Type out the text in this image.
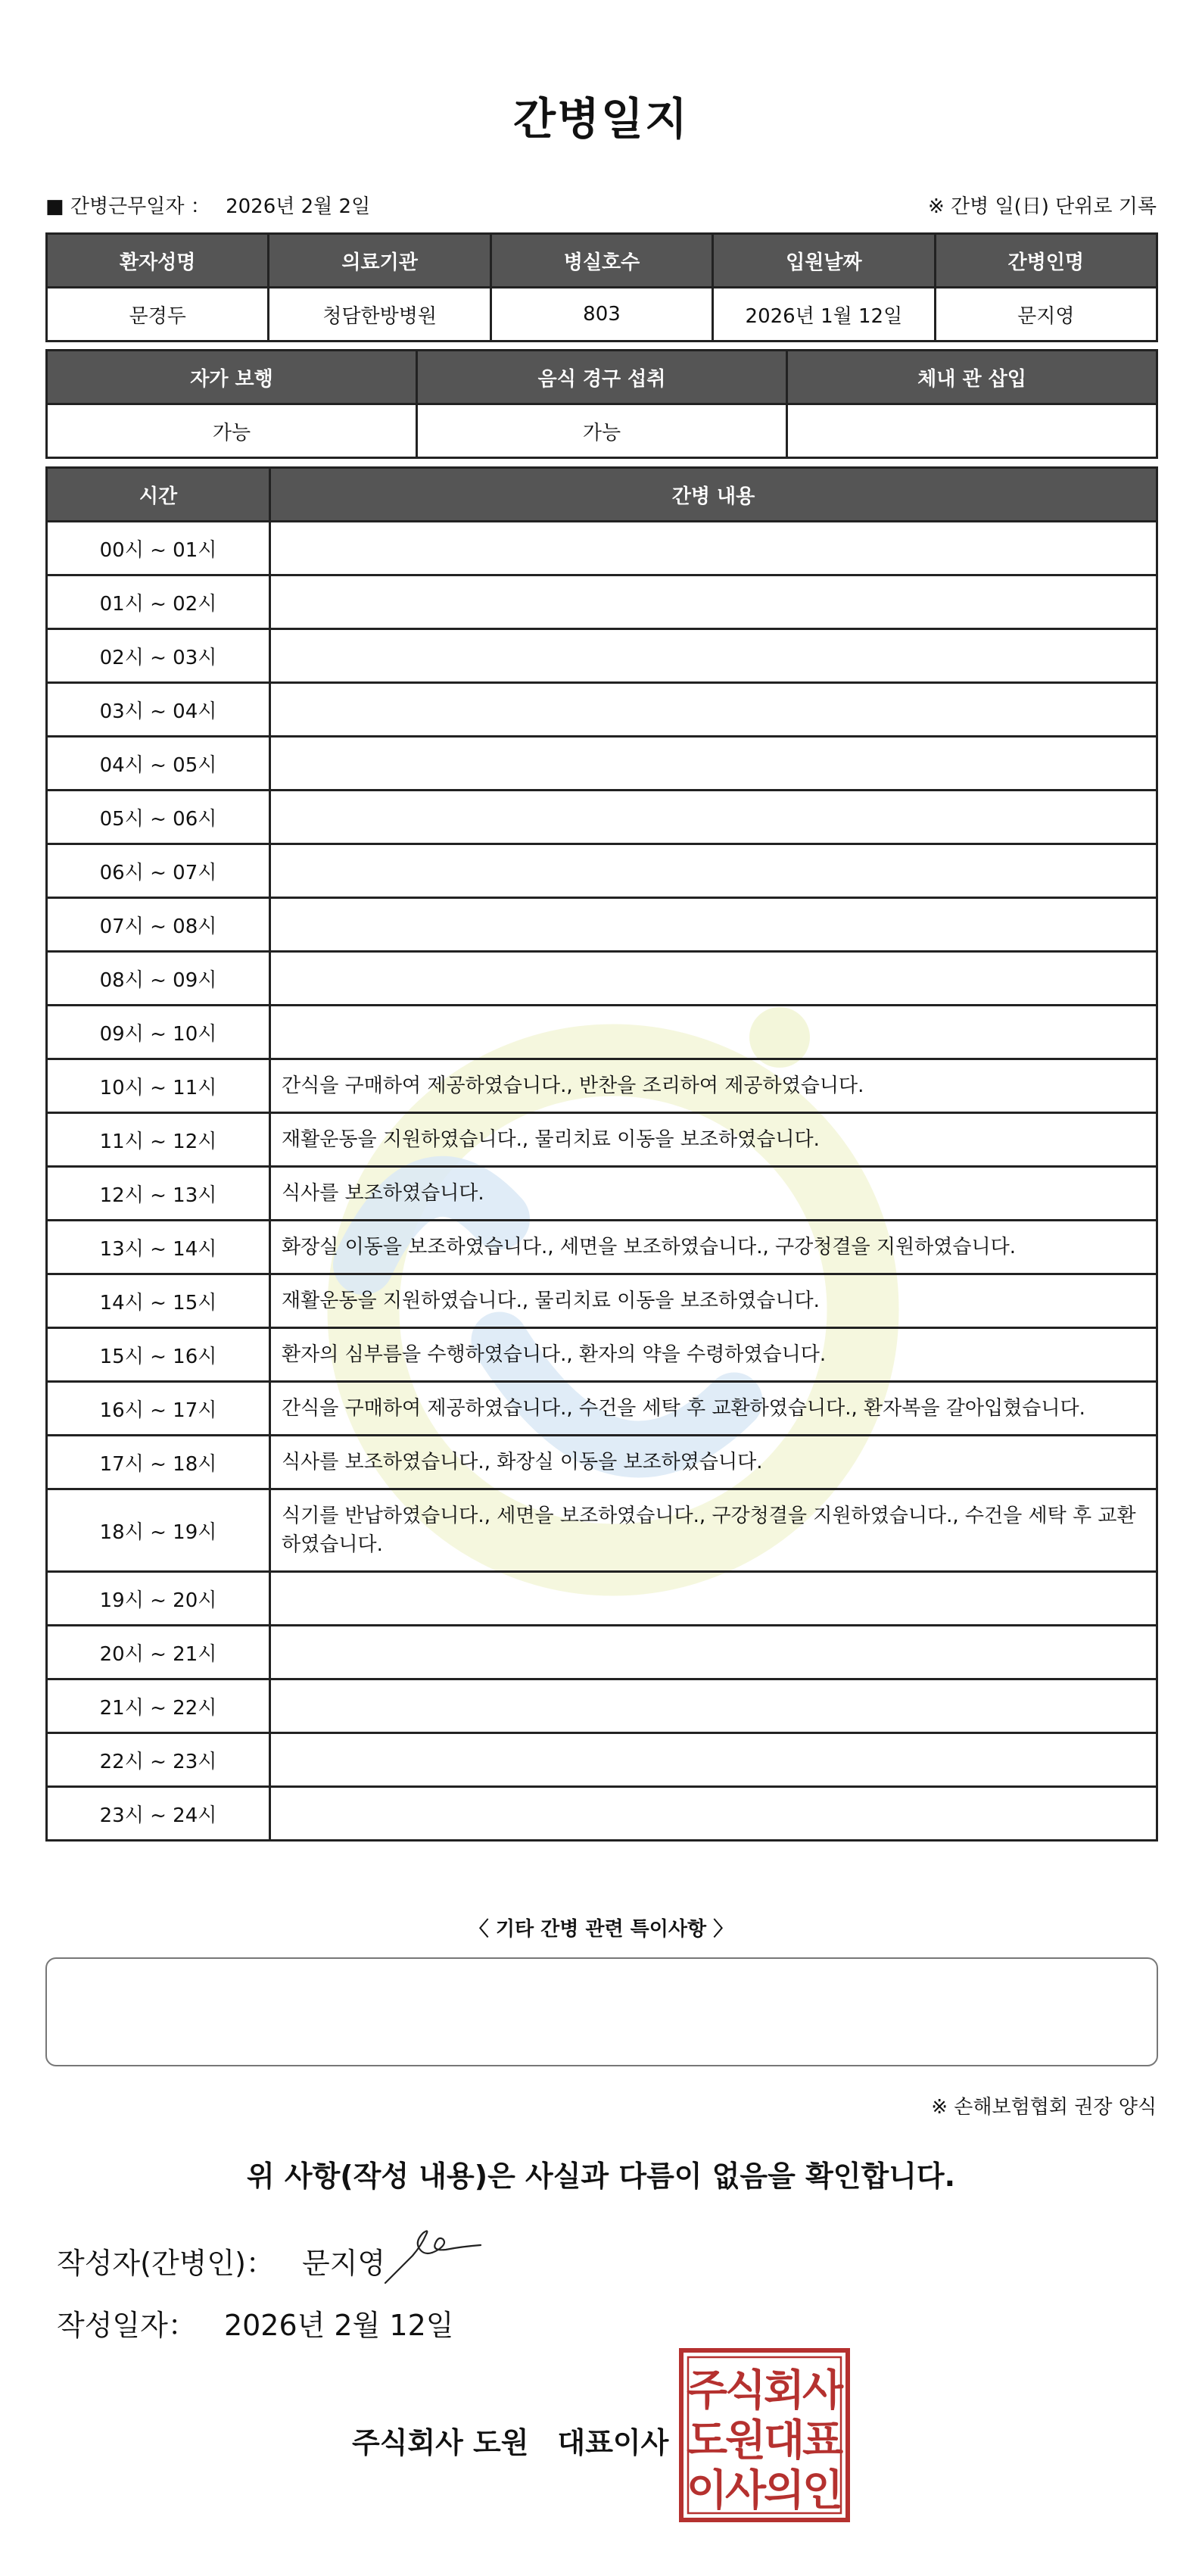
간병일지
■ 간병근무일자 ： 2026년 2월 2일	※ 간병 일(日) 단위로 기록
환자성명	의료기관	병실호수	입원날짜	간병인명
문경두	청담한방병원	803	2026년 1월 12일	문지영
자가 보행	음식 경구 섭취	체내 관 삽입
가능	가능	
시간	간병 내용
00시 ~ 01시	
01시 ~ 02시	
02시 ~ 03시	
03시 ~ 04시	
04시 ~ 05시	
05시 ~ 06시	
06시 ~ 07시	
07시 ~ 08시	
08시 ~ 09시	
09시 ~ 10시	
10시 ~ 11시	간식을 구매하여 제공하였습니다., 반찬을 조리하여 제공하였습니다.
11시 ~ 12시	재활운동을 지원하였습니다., 물리치료 이동을 보조하였습니다.
12시 ~ 13시	식사를 보조하였습니다.
13시 ~ 14시	화장실 이동을 보조하였습니다., 세면을 보조하였습니다., 구강청결을 지원하였습니다.
14시 ~ 15시	재활운동을 지원하였습니다., 물리치료 이동을 보조하였습니다.
15시 ~ 16시	환자의 심부름을 수행하였습니다., 환자의 약을 수령하였습니다.
16시 ~ 17시	간식을 구매하여 제공하였습니다., 수건을 세탁 후 교환하였습니다., 환자복을 갈아입혔습니다.
17시 ~ 18시	식사를 보조하였습니다., 화장실 이동을 보조하였습니다.
18시 ~ 19시	식기를 반납하였습니다., 세면을 보조하였습니다., 구강청결을 지원하였습니다., 수건을 세탁 후 교환하였습니다.
19시 ~ 20시	
20시 ~ 21시	
21시 ~ 22시	
22시 ~ 23시	
23시 ~ 24시	
〈 기타 간병 관련 특이사항 〉
※ 손해보험협회 권장 양식
위 사항(작성 내용)은 사실과 다름이 없음을 확인합니다.
작성자(간병인)： 문지영
작성일자： 2026년 2월 12일
주식회사 도원 대표이사
주
식
회
사
도
원
대
표
이
사
의
인
